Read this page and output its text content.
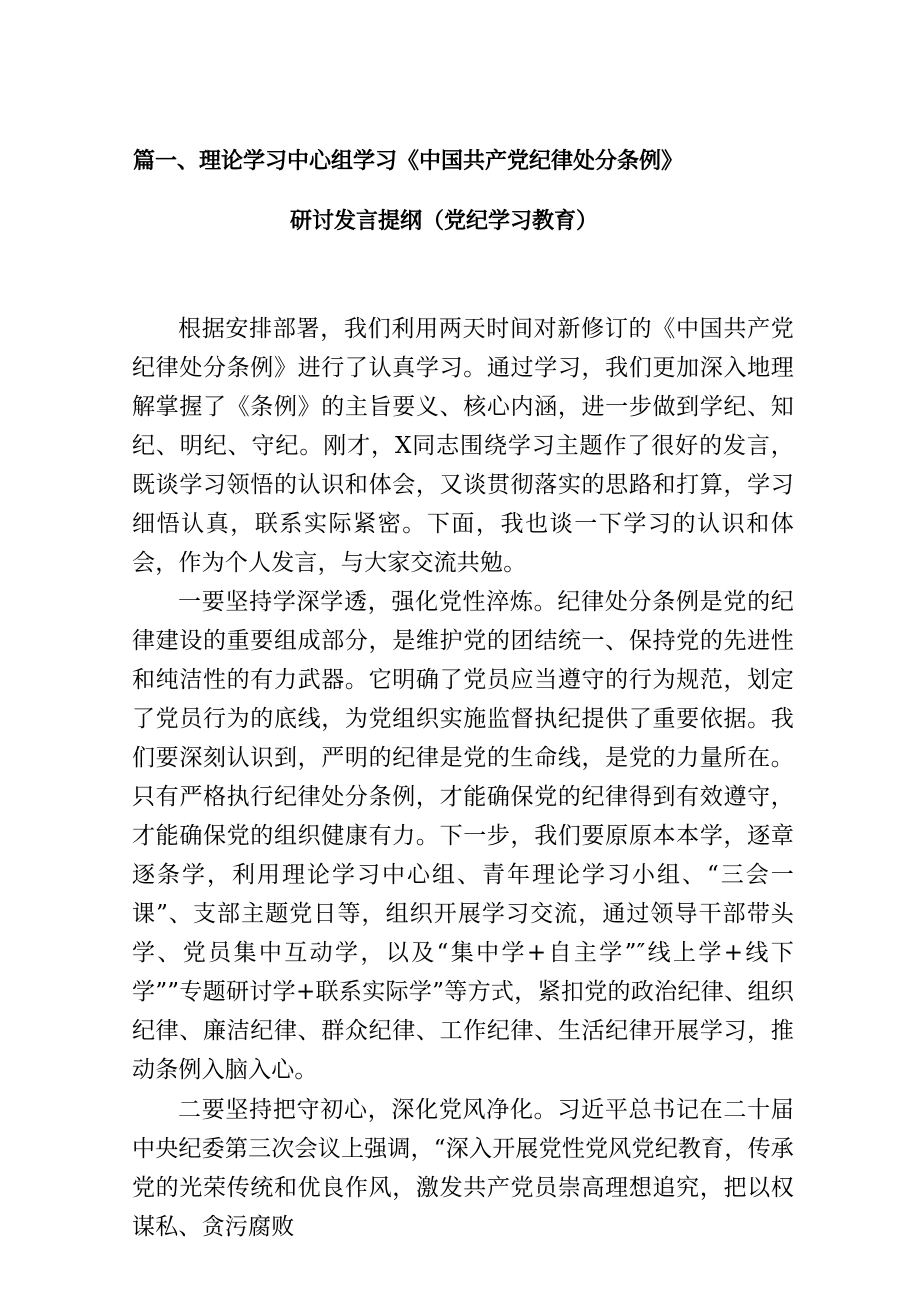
篇一、理论学习中心组学习《中国共产党纪律处分条例》
研讨发言提纲（党纪学习教育）

根据安排部署，我们利用两天时间对新修订的《中国共产党纪律处分条例》进行了认真学习。通过学习，我们更加深入地理解掌握了《条例》的主旨要义、核心内涵，进一步做到学纪、知纪、明纪、守纪。刚才，X同志围绕学习主题作了很好的发言，既谈学习领悟的认识和体会，又谈贯彻落实的思路和打算，学习细悟认真，联系实际紧密。下面，我也谈一下学习的认识和体会，作为个人发言，与大家交流共勉。

一要坚持学深学透，强化党性淬炼。纪律处分条例是党的纪律建设的重要组成部分，是维护党的团结统一、保持党的先进性和纯洁性的有力武器。它明确了党员应当遵守的行为规范，划定了党员行为的底线，为党组织实施监督执纪提供了重要依据。我们要深刻认识到，严明的纪律是党的生命线，是党的力量所在。只有严格执行纪律处分条例，才能确保党的纪律得到有效遵守，才能确保党的组织健康有力。下一步，我们要原原本本学，逐章逐条学，利用理论学习中心组、青年理论学习小组、“三会一课”、支部主题党日等，组织开展学习交流，通过领导干部带头学、党员集中互动学，以及“集中学+自主学”″线上学+线下学””专题研讨学+联系实际学”等方式，紧扣党的政治纪律、组织纪律、廉洁纪律、群众纪律、工作纪律、生活纪律开展学习，推动条例入脑入心。

二要坚持把守初心，深化党风净化。习近平总书记在二十届中央纪委第三次会议上强调，“深入开展党性党风党纪教育，传承党的光荣传统和优良作风，激发共产党员崇高理想追究，把以权谋私、贪污腐败
